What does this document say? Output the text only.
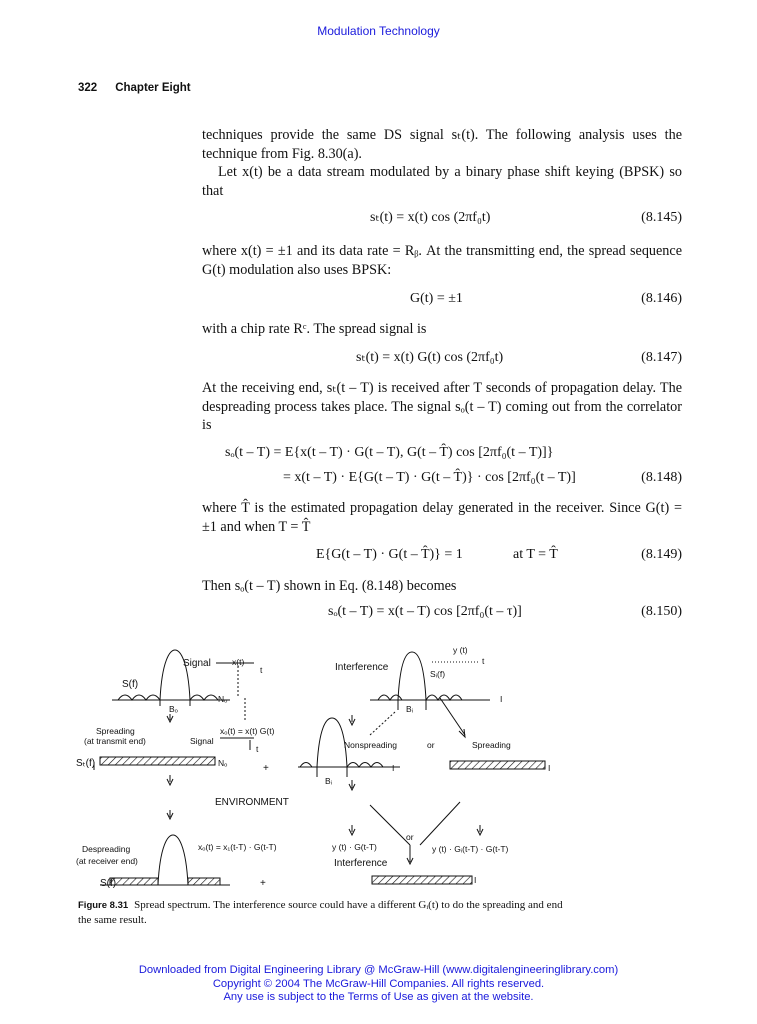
Modulation Technology
322 Chapter Eight
techniques provide the same DS signal sₜ(t). The following analysis uses the technique from Fig. 8.30(a).
Let x(t) be a data stream modulated by a binary phase shift keying (BPSK) so that
sₜ(t) = x(t) cos (2πf₀t)	(8.145)
where x(t) = ±1 and its data rate = Rᵦ. At the transmitting end, the spread sequence G(t) modulation also uses BPSK:
G(t) = ±1	(8.146)
with a chip rate Rᶜ. The spread signal is
sₜ(t) = x(t) G(t) cos (2πf₀t)	(8.147)
At the receiving end, sₜ(t – T) is received after T seconds of propagation delay. The despreading process takes place. The signal sₒ(t – T) coming out from the correlator is
sₒ(t – T) = E{x(t – T) · G(t – T), G(t – T̂) cos [2πf₀(t – T)]}
= x(t – T) · E{G(t – T) · G(t – T̂)} · cos [2πf₀(t – T)]	(8.148)
where T̂ is the estimated propagation delay generated in the receiver. Since G(t) = ±1 and when T = T̂
E{G(t – T) · G(t – T̂)} = 1	at T = T̂	(8.149)
Then sₒ(t – T) shown in Eq. (8.148) becomes
sₒ(t – T) = x(t – T) cos [2πf₀(t – τ)]	(8.150)
Signal x(t)
t
S(f)
Nₒ
Bₒ
Spreading
(at transmit end)	Signal
xₒ(t) = x(t) G(t)
t
Sₜ(f)	Nₒ	+
ENVIRONMENT
Despreading
(at receiver end)
xₒ(t) = x₁(t-T) · G(t-T)
S(f)	+
Interference
y (t)
t
Sᵢ(f)
Bᵢ
I
Nonspreading	or	Spreading
I	I
Bᵢ
or
y (t) · G(t-T)	y (t) · Gᵢ(t-T) · G(t-T)
Interference
I
Figure 8.31 Spread spectrum. The interference source could have a different Gᵢ(t) to do the spreading and end the same result.
Downloaded from Digital Engineering Library @ McGraw-Hill (www.digitalengineeringlibrary.com)
Copyright © 2004 The McGraw-Hill Companies. All rights reserved.
Any use is subject to the Terms of Use as given at the website.
